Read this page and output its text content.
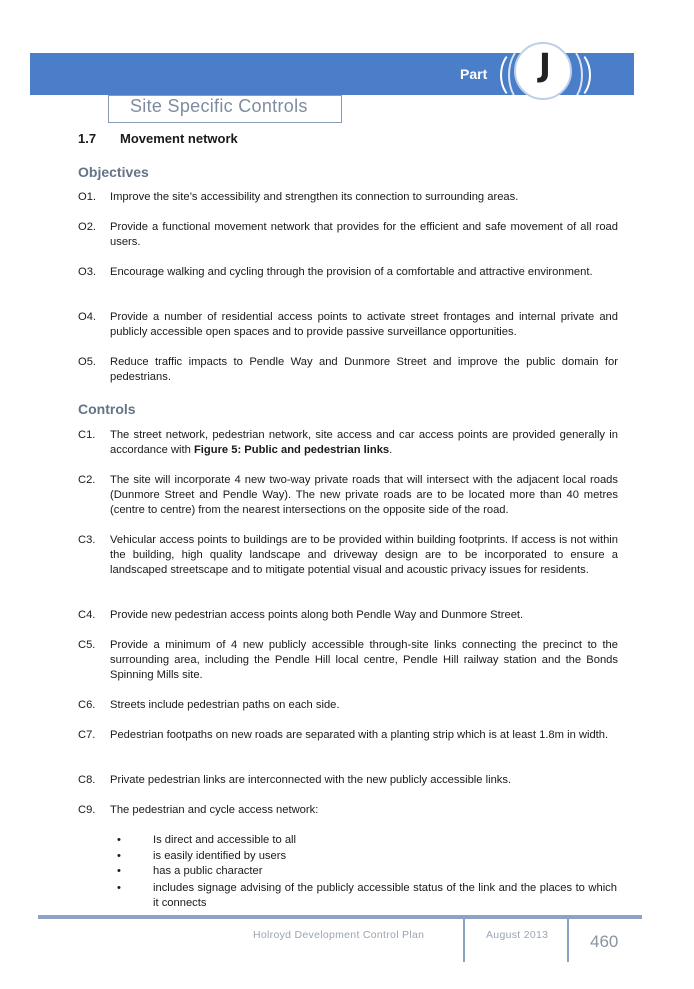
Part J
Site Specific Controls
1.7 Movement network
Objectives
O1. Improve the site’s accessibility and strengthen its connection to surrounding areas.
O2. Provide a functional movement network that provides for the efficient and safe movement of all road users.
O3. Encourage walking and cycling through the provision of a comfortable and attractive environment.
O4. Provide a number of residential access points to activate street frontages and internal private and publicly accessible open spaces and to provide passive surveillance opportunities.
O5. Reduce traffic impacts to Pendle Way and Dunmore Street and improve the public domain for pedestrians.
Controls
C1. The street network, pedestrian network, site access and car access points are provided generally in accordance with Figure 5: Public and pedestrian links.
C2. The site will incorporate 4 new two-way private roads that will intersect with the adjacent local roads (Dunmore Street and Pendle Way). The new private roads are to be located more than 40 metres (centre to centre) from the nearest intersections on the opposite side of the road.
C3. Vehicular access points to buildings are to be provided within building footprints. If access is not within the building, high quality landscape and driveway design are to be incorporated to ensure a landscaped streetscape and to mitigate potential visual and acoustic privacy issues for residents.
C4. Provide new pedestrian access points along both Pendle Way and Dunmore Street.
C5. Provide a minimum of 4 new publicly accessible through-site links connecting the precinct to the surrounding area, including the Pendle Hill local centre, Pendle Hill railway station and the Bonds Spinning Mills site.
C6. Streets include pedestrian paths on each side.
C7. Pedestrian footpaths on new roads are separated with a planting strip which is at least 1.8m in width.
C8. Private pedestrian links are interconnected with the new publicly accessible links.
C9. The pedestrian and cycle access network:
•	Is direct and accessible to all
•	is easily identified by users
•	has a public character
•	includes signage advising of the publicly accessible status of the link and the places to which it connects
Holroyd Development Control Plan	August 2013 460
